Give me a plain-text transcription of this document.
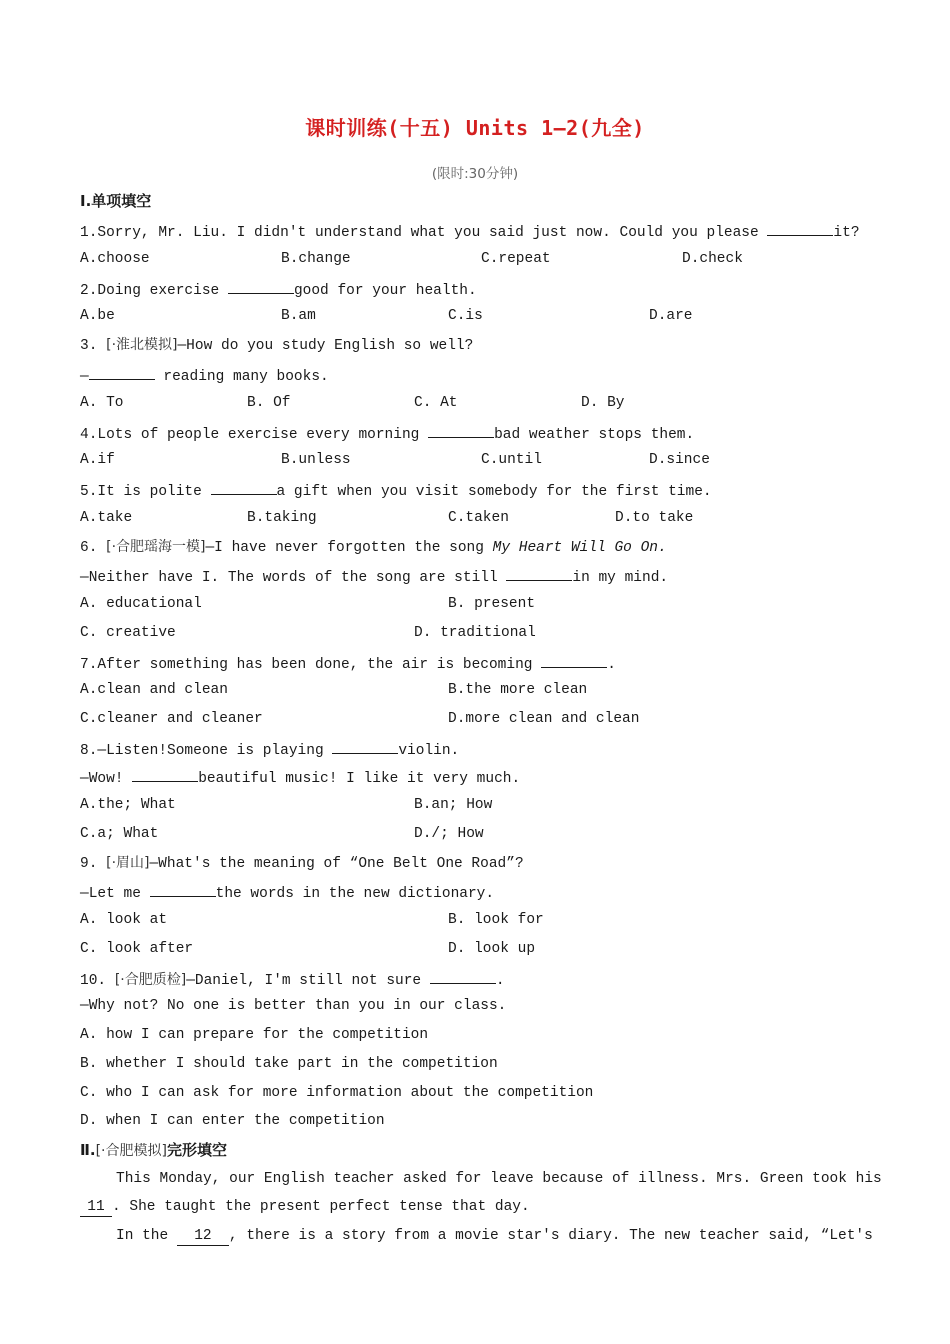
课时训练(十五) Units 1—2(九全)
(限时:30分钟)
Ⅰ.单项填空
1.Sorry, Mr. Liu. I didn't understand what you said just now. Could you please	it?
A.choose	B.change	C.repeat	D.check
2.Doing exercise	good for your health.
A.be	B.am	C.is	D.are
3. [·淮北模拟]—How do you study English so well?
—	reading many books.
A. To	B. Of	C. At	D. By
4.Lots of people exercise every morning	bad weather stops them.
A.if	B.unless	C.until	D.since
5.It is polite	a gift when you visit somebody for the first time.
A.take	B.taking	C.taken	D.to take
6. [·合肥瑶海一模]—I have never forgotten the song My Heart Will Go On.
—Neither have I. The words of the song are still	in my mind.
A. educational	B. present
C. creative	D. traditional
7.After something has been done, the air is becoming	.
A.clean and clean	B.the more clean
C.cleaner and cleaner	D.more clean and clean
8.—Listen!Someone is playing	violin.
—Wow!	beautiful music! I like it very much.
A.the; What	B.an; How
C.a; What	D./; How
9. [·眉山]—What's the meaning of “One Belt One Road”?
—Let me	the words in the new dictionary.
A. look at	B. look for
C. look after	D. look up
10. [·合肥质检]—Daniel, I'm still not sure	.
—Why not? No one is better than you in our class.
A. how I can prepare for the competition
B. whether I should take part in the competition
C. who I can ask for more information about the competition
D. when I can enter the competition
Ⅱ.[·合肥模拟]完形填空
This Monday, our English teacher asked for leave because of illness. Mrs. Green took his
11 . She taught the present perfect tense that day.
In the 12 , there is a story from a movie star's diary. The new teacher said, “Let's
